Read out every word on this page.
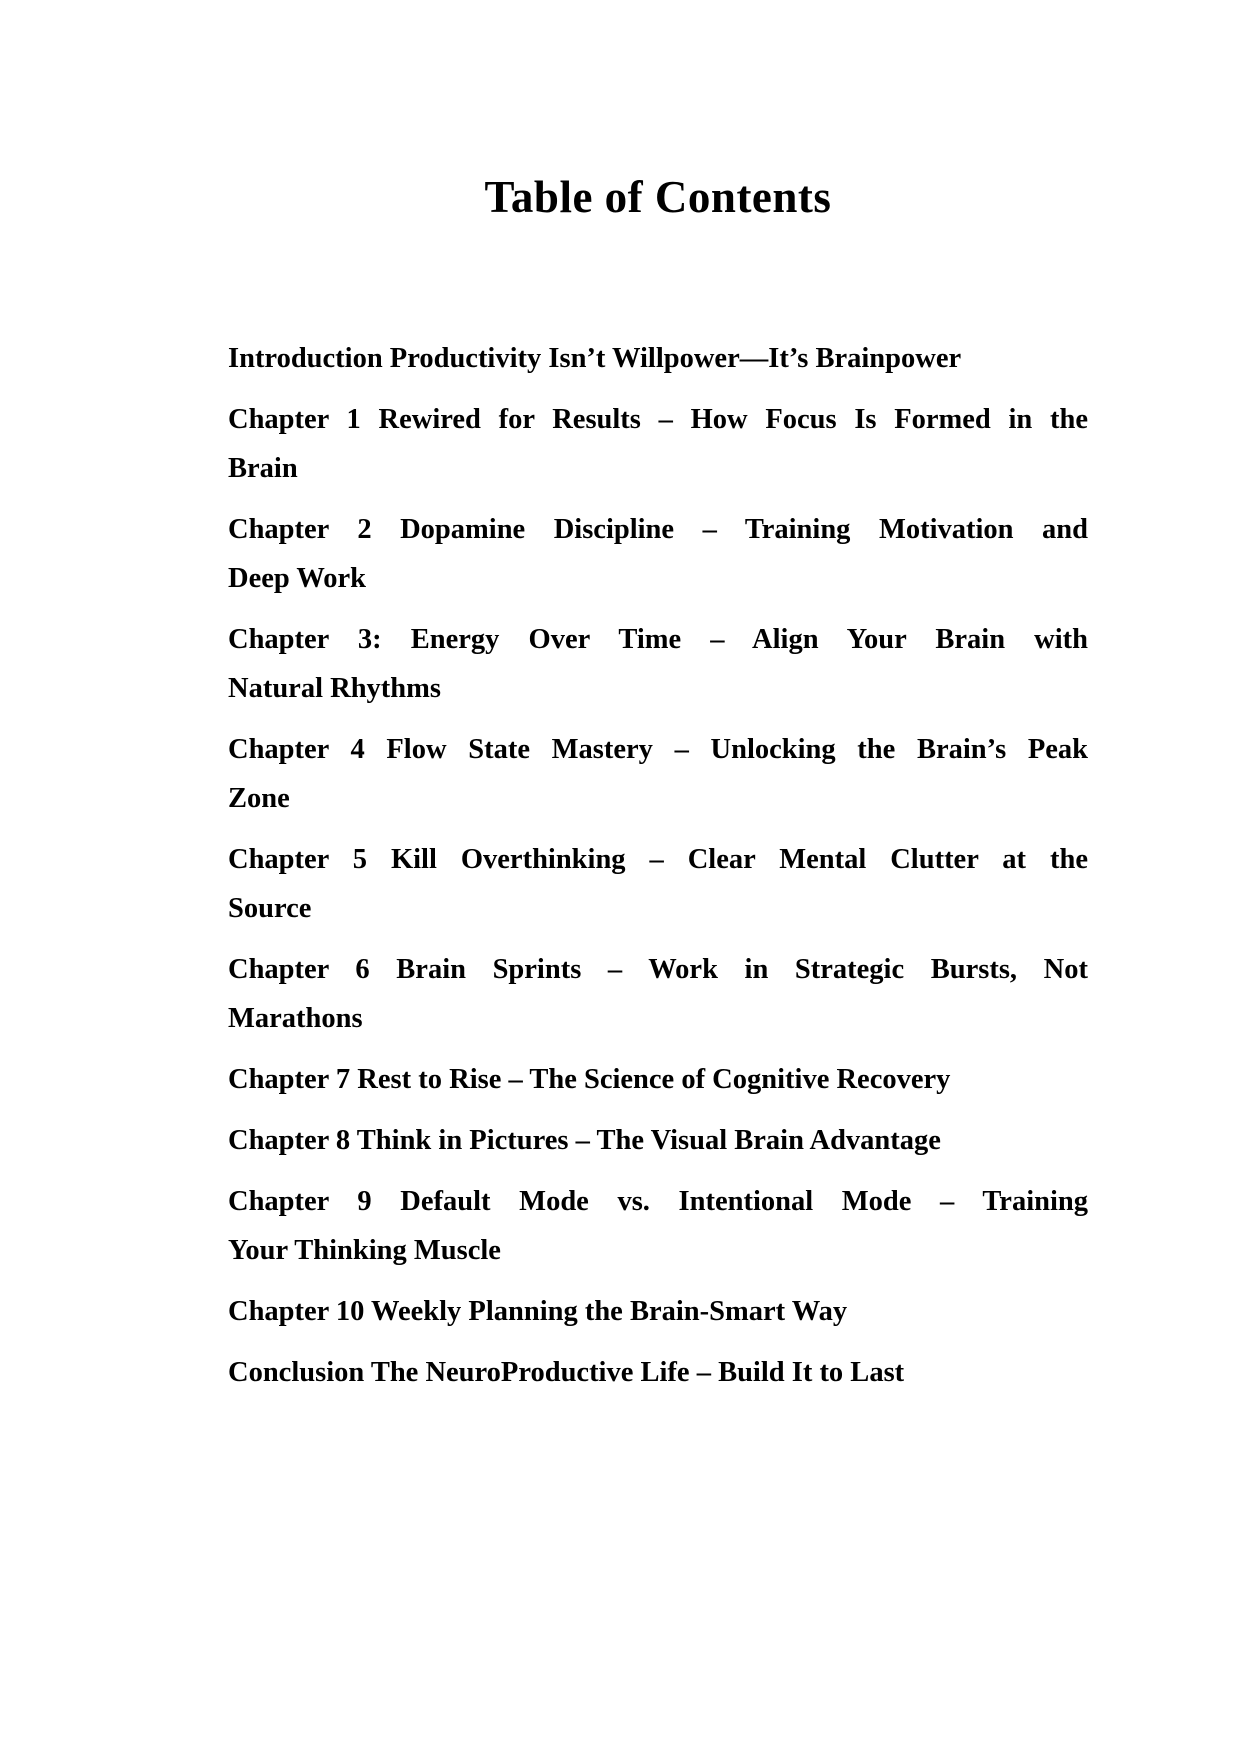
Table of Contents

Introduction Productivity Isn’t Willpower—It’s Brainpower

Chapter 1 Rewired for Results – How Focus Is Formed in the
Brain

Chapter 2 Dopamine Discipline – Training Motivation and
Deep Work

Chapter 3: Energy Over Time – Align Your Brain with
Natural Rhythms

Chapter 4 Flow State Mastery – Unlocking the Brain’s Peak
Zone

Chapter 5 Kill Overthinking – Clear Mental Clutter at the
Source

Chapter 6 Brain Sprints – Work in Strategic Bursts, Not
Marathons

Chapter 7 Rest to Rise – The Science of Cognitive Recovery

Chapter 8 Think in Pictures – The Visual Brain Advantage

Chapter 9 Default Mode vs. Intentional Mode – Training
Your Thinking Muscle

Chapter 10 Weekly Planning the Brain-Smart Way

Conclusion The NeuroProductive Life – Build It to Last
